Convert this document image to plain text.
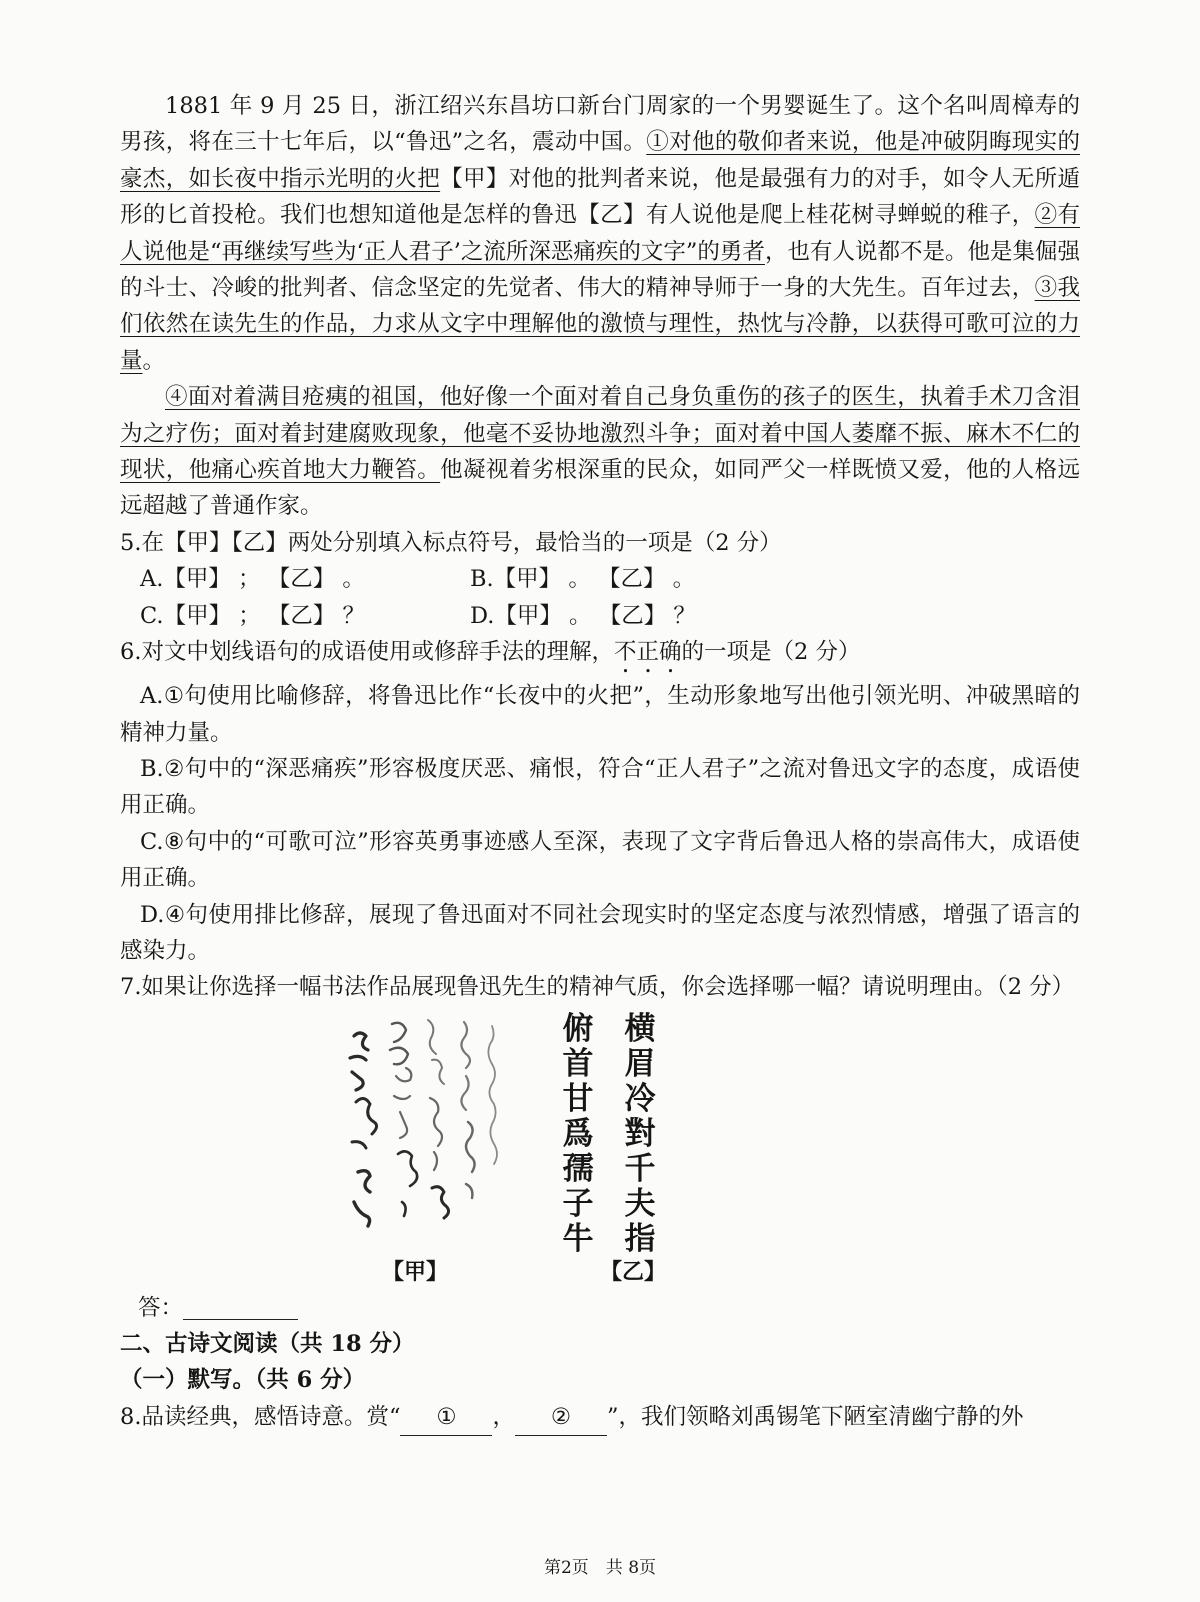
1881 年 9 月 25 日，浙江绍兴东昌坊口新台门周家的一个男婴诞生了。这个名叫周樟寿的男孩，将在三十七年后，以“鲁迅”之名，震动中国。①对他的敬仰者来说，他是冲破阴晦现实的豪杰，如长夜中指示光明的火把【甲】对他的批判者来说，他是最强有力的对手，如令人无所遁形的匕首投枪。我们也想知道他是怎样的鲁迅【乙】有人说他是爬上桂花树寻蝉蜕的稚子，②有人说他是“再继续写些为‘正人君子’之流所深恶痛疾的文字”的勇者，也有人说都不是。他是集倔强的斗士、冷峻的批判者、信念坚定的先觉者、伟大的精神导师于一身的大先生。百年过去，③我们依然在读先生的作品，力求从文字中理解他的激愤与理性，热忱与冷静，以获得可歌可泣的力量。
④面对着满目疮痍的祖国，他好像一个面对着自己身负重伤的孩子的医生，执着手术刀含泪为之疗伤；面对着封建腐败现象，他毫不妥协地激烈斗争；面对着中国人萎靡不振、麻木不仁的现状，他痛心疾首地大力鞭笞。他凝视着劣根深重的民众，如同严父一样既愤又爱，他的人格远远超越了普通作家。
5.在【甲】【乙】两处分别填入标点符号，最恰当的一项是（2 分）
A.【甲】 ； 【乙】 。	B.【甲】 。 【乙】 。
C.【甲】 ； 【乙】 ？	D.【甲】 。 【乙】 ？
6.对文中划线语句的成语使用或修辞手法的理解，不正确的一项是（2 分）
A.①句使用比喻修辞，将鲁迅比作“长夜中的火把”，生动形象地写出他引领光明、冲破黑暗的精神力量。
B.②句中的“深恶痛疾”形容极度厌恶、痛恨，符合“正人君子”之流对鲁迅文字的态度，成语使用正确。
C.⑧句中的“可歌可泣”形容英勇事迹感人至深，表现了文字背后鲁迅人格的崇高伟大，成语使用正确。
D.④句使用排比修辞，展现了鲁迅面对不同社会现实时的坚定态度与浓烈情感，增强了语言的感染力。
7.如果让你选择一幅书法作品展现鲁迅先生的精神气质，你会选择哪一幅？请说明理由。（2 分）
横
眉
冷
對
千
夫
指
俯
首
甘
爲
孺
子
牛
【甲】	【乙】
答：
二、古诗文阅读（共 18 分）
（一）默写。（共 6 分）
8.品读经典，感悟诗意。赏“ ① ， ② ”，我们领略刘禹锡笔下陋室清幽宁静的外
第2页　共 8页
